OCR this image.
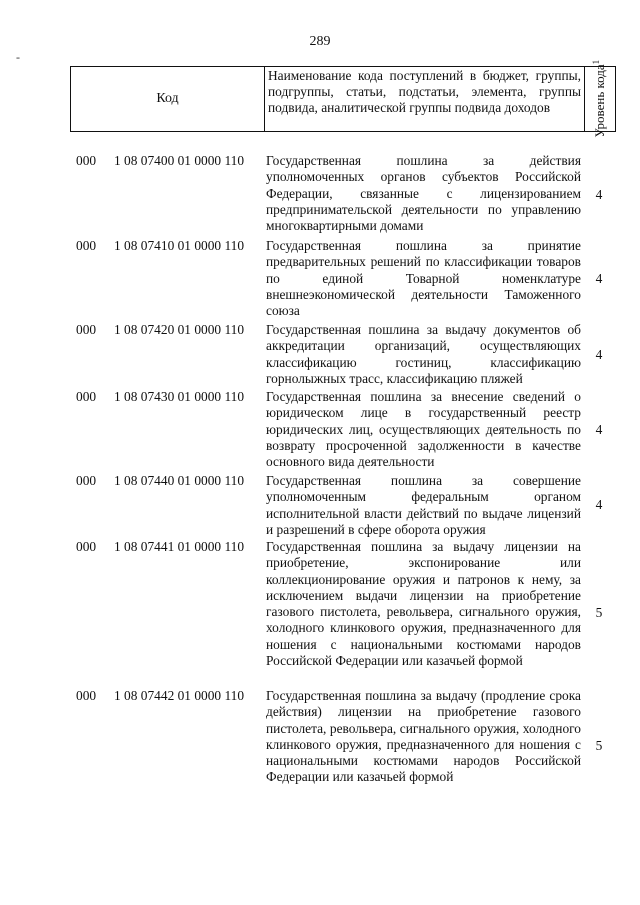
289
-
Код
Наименование кода поступлений в бюджет, группы, подгруппы, статьи, подстатьи, элемента, группы подвида, аналитической группы подвида доходов	Уровень кода$^1$
000 1 08 07400 01 0000 110 Государственная пошлина за действия уполномоченных органов субъектов Российской Федерации, связанные с лицензированием предпринимательской деятельности по управлению многоквартирными домами
4
000 1 08 07410 01 0000 110 Государственная пошлина за принятие предварительных решений по классификации товаров по единой Товарной номенклатуре внешнеэкономической деятельности Таможенного союза
4
000 1 08 07420 01 0000 110 Государственная пошлина за выдачу документов об аккредитации организаций, осуществляющих классификацию гостиниц, классификацию горнолыжных трасс, классификацию пляжей
4
000 1 08 07430 01 0000 110 Государственная пошлина за внесение сведений о юридическом лице в государственный реестр юридических лиц, осуществляющих деятельность по возврату просроченной задолженности в качестве основного вида деятельности
4
000 1 08 07440 01 0000 110 Государственная пошлина за совершение уполномоченным федеральным органом исполнительной власти действий по выдаче лицензий и разрешений в сфере оборота оружия
4
000 1 08 07441 01 0000 110 Государственная пошлина за выдачу лицензии на приобретение, экспонирование или коллекционирование оружия и патронов к нему, за исключением выдачи лицензии на приобретение газового пистолета, револьвера, сигнального оружия, холодного клинкового оружия, предназначенного для ношения с национальными костюмами народов Российской Федерации или казачьей формой
5
000 1 08 07442 01 0000 110 Государственная пошлина за выдачу (продление срока действия) лицензии на приобретение газового пистолета, револьвера, сигнального оружия, холодного клинкового оружия, предназначенного для ношения с национальными костюмами народов Российской Федерации или казачьей формой
5
